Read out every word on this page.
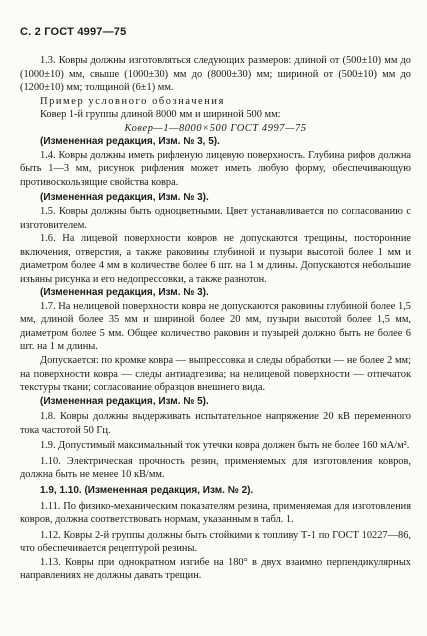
С. 2 ГОСТ 4997—75

1.3. Ковры должны изготовляться следующих размеров: длиной от (500±10) мм до (1000±10) мм, свыше (1000±30) мм до (8000±30) мм; шириной от (500±10) мм до (1200±10) мм; толщиной (6±1) мм.

Пример условного обозначения

Ковер 1-й группы длиной 8000 мм и шириной 500 мм:

Ковер—1—8000×500 ГОСТ 4997—75

(Измененная редакция, Изм. № 3, 5).

1.4. Ковры должны иметь рифленую лицевую поверхность. Глубина рифов должна быть 1—3 мм, рисунок рифления может иметь любую форму, обеспечивающую противоскользящие свойства ковра.

(Измененная редакция, Изм. № 3).

1.5. Ковры должны быть одноцветными. Цвет устанавливается по согласованию с изготовителем.

1.6. На лицевой поверхности ковров не допускаются трещины, посторонние включения, отверстия, а также раковины глубиной и пузыри высотой более 1 мм и диаметром более 4 мм в количестве более 6 шт. на 1 м длины. Допускаются небольшие изъяны рисунка и его недопрессовки, а также разнотон.

(Измененная редакция, Изм. № 3).

1.7. На нелицевой поверхности ковра не допускаются раковины глубиной более 1,5 мм, длиной более 35 мм и шириной более 20 мм, пузыри высотой более 1,5 мм, диаметром более 5 мм. Общее количество раковин и пузырей должно быть не более 6 шт. на 1 м длины.

Допускается: по кромке ковра — выпрессовка и следы обработки — не более 2 мм; на поверхности ковра — следы антиадгезива; на нелицевой поверхности — отпечаток текстуры ткани; согласование образцов внешнего вида.

(Измененная редакция, Изм. № 5).

1.8. Ковры должны выдерживать испытательное напряжение 20 кВ переменного тока частотой 50 Гц.

1.9. Допустимый максимальный ток утечки ковра должен быть не более 160 мА/м².

1.10. Электрическая прочность резин, применяемых для изготовления ковров, должна быть не менее 10 кВ/мм.

1.9, 1.10. (Измененная редакция, Изм. № 2).

1.11. По физико-механическим показателям резина, применяемая для изготовления ковров, должна соответствовать нормам, указанным в табл. 1.

1.12. Ковры 2-й группы должны быть стойкими к топливу Т-1 по ГОСТ 10227—86, что обеспечивается рецептурой резины.

1.13. Ковры при однократном изгибе на 180° в двух взаимно перпендикулярных направлениях не должны давать трещин.
